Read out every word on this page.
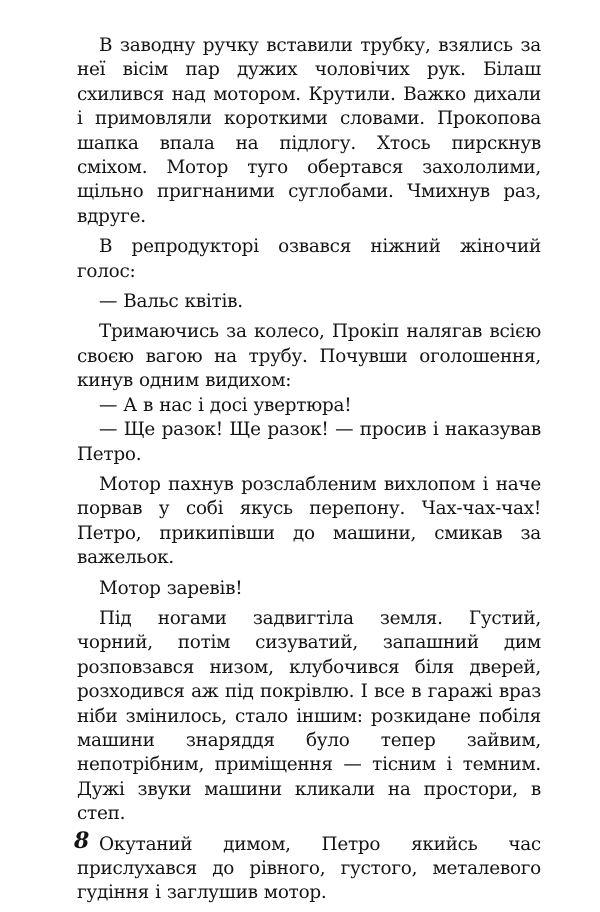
В заводну ручку вставили трубку, взялись за неї вісім пар дужих чоловічих рук. Білаш схилився над мотором. Крутили. Важко дихали і примовляли короткими словами. Прокопова шапка впала на підлогу. Хтось пирскнув сміхом. Мотор туго обертався захололими, щільно пригнаними суглобами. Чмихнув раз, вдруге.

В репродукторі озвався ніжний жіночий голос:

— Вальс квітів.

Тримаючись за колесо, Прокіп налягав всією своєю вагою на трубу. Почувши оголошення, кинув одним видихом:

— А в нас і досі увертюра!

— Ще разок! Ще разок! — просив і наказував Петро.

Мотор пахнув розслабленим вихлопом і наче порвав у собі якусь перепону. Чах-чах-чах! Петро, прикипівши до машини, смикав за важельок.

Мотор заревів!

Під ногами задвигтіла земля. Густий, чорний, потім сизуватий, запашний дим розповзався низом, клубочився біля дверей, розходився аж під покрівлю. І все в гаражі враз ніби змінилось, стало іншим: розкидане побіля машини знаряддя було тепер зайвим, непотрібним, приміщення — тісним і темним. Дужі звуки машини кликали на простори, в степ.

Окутаний димом, Петро якийсь час прислухався до рівного, густого, металевого гудіння і заглушив мотор.

8
